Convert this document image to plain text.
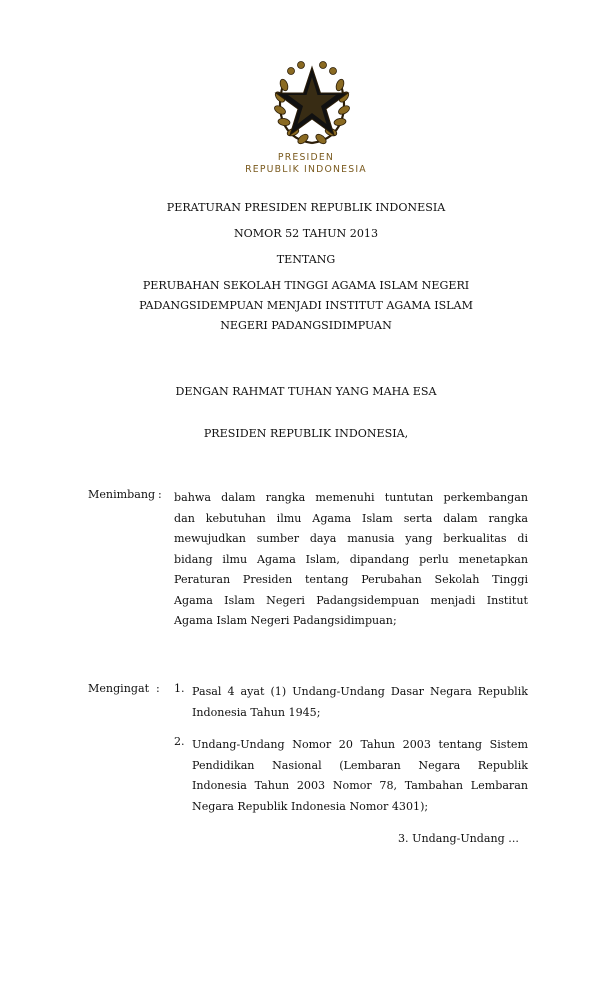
PRESIDEN
REPUBLIK INDONESIA
PERATURAN PRESIDEN REPUBLIK INDONESIA
NOMOR 52 TAHUN 2013
TENTANG
PERUBAHAN SEKOLAH TINGGI AGAMA ISLAM NEGERI
PADANGSIDEMPUAN MENJADI INSTITUT AGAMA ISLAM
NEGERI PADANGSIDIMPUAN
DENGAN RAHMAT TUHAN YANG MAHA ESA
PRESIDEN REPUBLIK INDONESIA,
Menimbang : bahwa dalam rangka memenuhi tuntutan perkembangan
dan kebutuhan ilmu Agama Islam serta dalam rangka
mewujudkan sumber daya manusia yang berkualitas di
bidang ilmu Agama Islam, dipandang perlu menetapkan
Peraturan Presiden tentang Perubahan Sekolah Tinggi
Agama Islam Negeri Padangsidempuan menjadi Institut
Agama Islam Negeri Padangsidimpuan;
Mengingat : 1. Pasal 4 ayat (1) Undang-Undang Dasar Negara Republik
Indonesia Tahun 1945;
2. Undang-Undang Nomor 20 Tahun 2003 tentang Sistem
Pendidikan Nasional (Lembaran Negara Republik
Indonesia Tahun 2003 Nomor 78, Tambahan Lembaran
Negara Republik Indonesia Nomor 4301);
3. Undang-Undang ...
